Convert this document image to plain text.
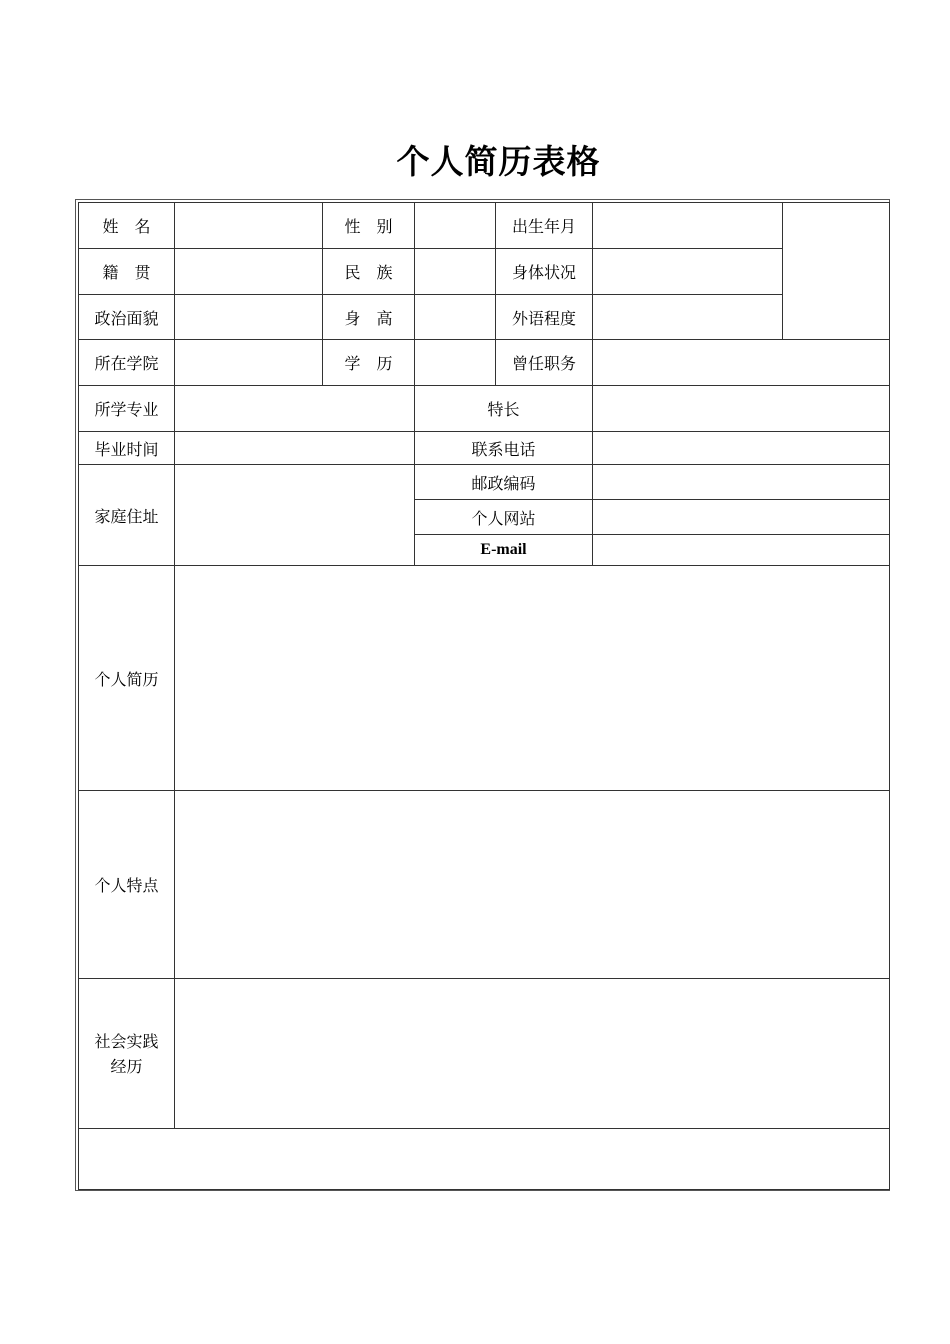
个人简历表格
姓　名		性　别		出生年月		
籍　贯		民　族		身体状况		
政治面貌		身　高		外语程度		
所在学院		学　历		曾任职务		
所学专业			特长			
毕业时间			联系电话			
家庭住址			邮政编码			
			个人网站			
			E-mail			
个人简历						
个人特点						
社会实践经历						
